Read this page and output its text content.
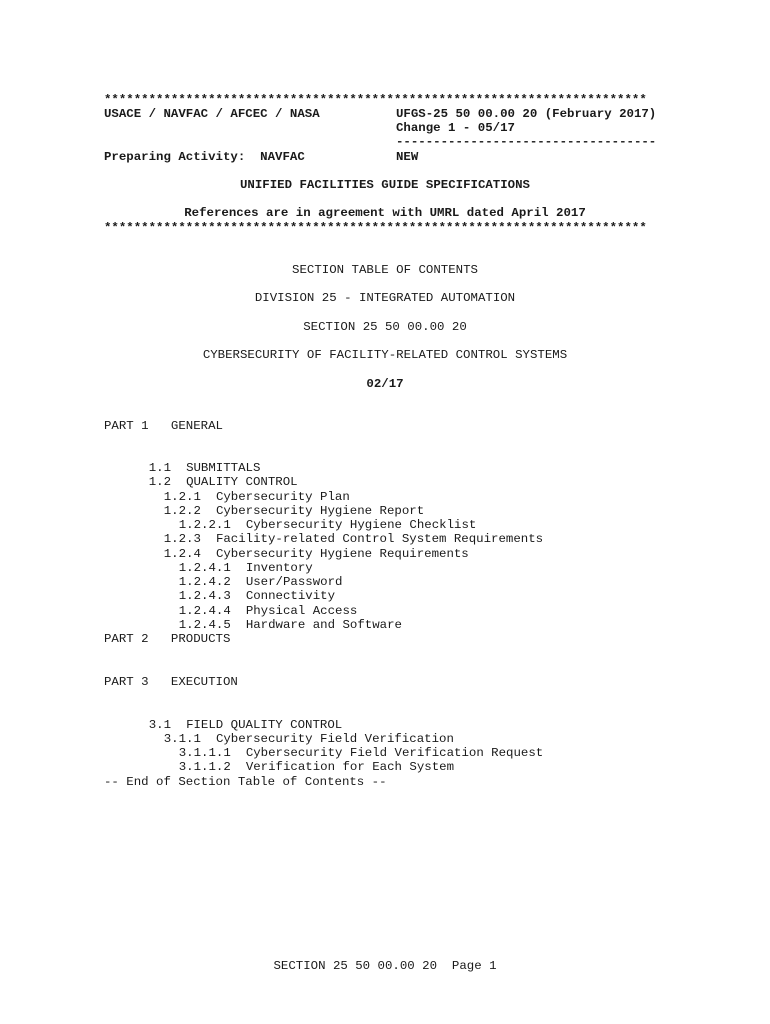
*************************************************************************
USACE / NAVFAC / AFCEC / NASA	UFGS-25 50 00.00 20 (February 2017)
Change 1 - 05/17
-----------------------------------
Preparing Activity:  NAVFAC	NEW
UNIFIED FACILITIES GUIDE SPECIFICATIONS
References are in agreement with UMRL dated April 2017
*************************************************************************
SECTION TABLE OF CONTENTS
DIVISION 25 - INTEGRATED AUTOMATION
SECTION 25 50 00.00 20
CYBERSECURITY OF FACILITY-RELATED CONTROL SYSTEMS
02/17
PART 1   GENERAL

1.1 SUBMITTALS

1.2 QUALITY CONTROL

1.2.1 Cybersecurity Plan

1.2.2 Cybersecurity Hygiene Report

1.2.2.1 Cybersecurity Hygiene Checklist

1.2.3 Facility-related Control System Requirements

1.2.4 Cybersecurity Hygiene Requirements

1.2.4.1 Inventory

1.2.4.2 User/Password

1.2.4.3 Connectivity

1.2.4.4 Physical Access

1.2.4.5 Hardware and Software

PART 2   PRODUCTS
PART 3   EXECUTION

3.1 FIELD QUALITY CONTROL

3.1.1 Cybersecurity Field Verification

3.1.1.1 Cybersecurity Field Verification Request

3.1.1.2 Verification for Each System

-- End of Section Table of Contents --
SECTION 25 50 00.00 20  Page 1
